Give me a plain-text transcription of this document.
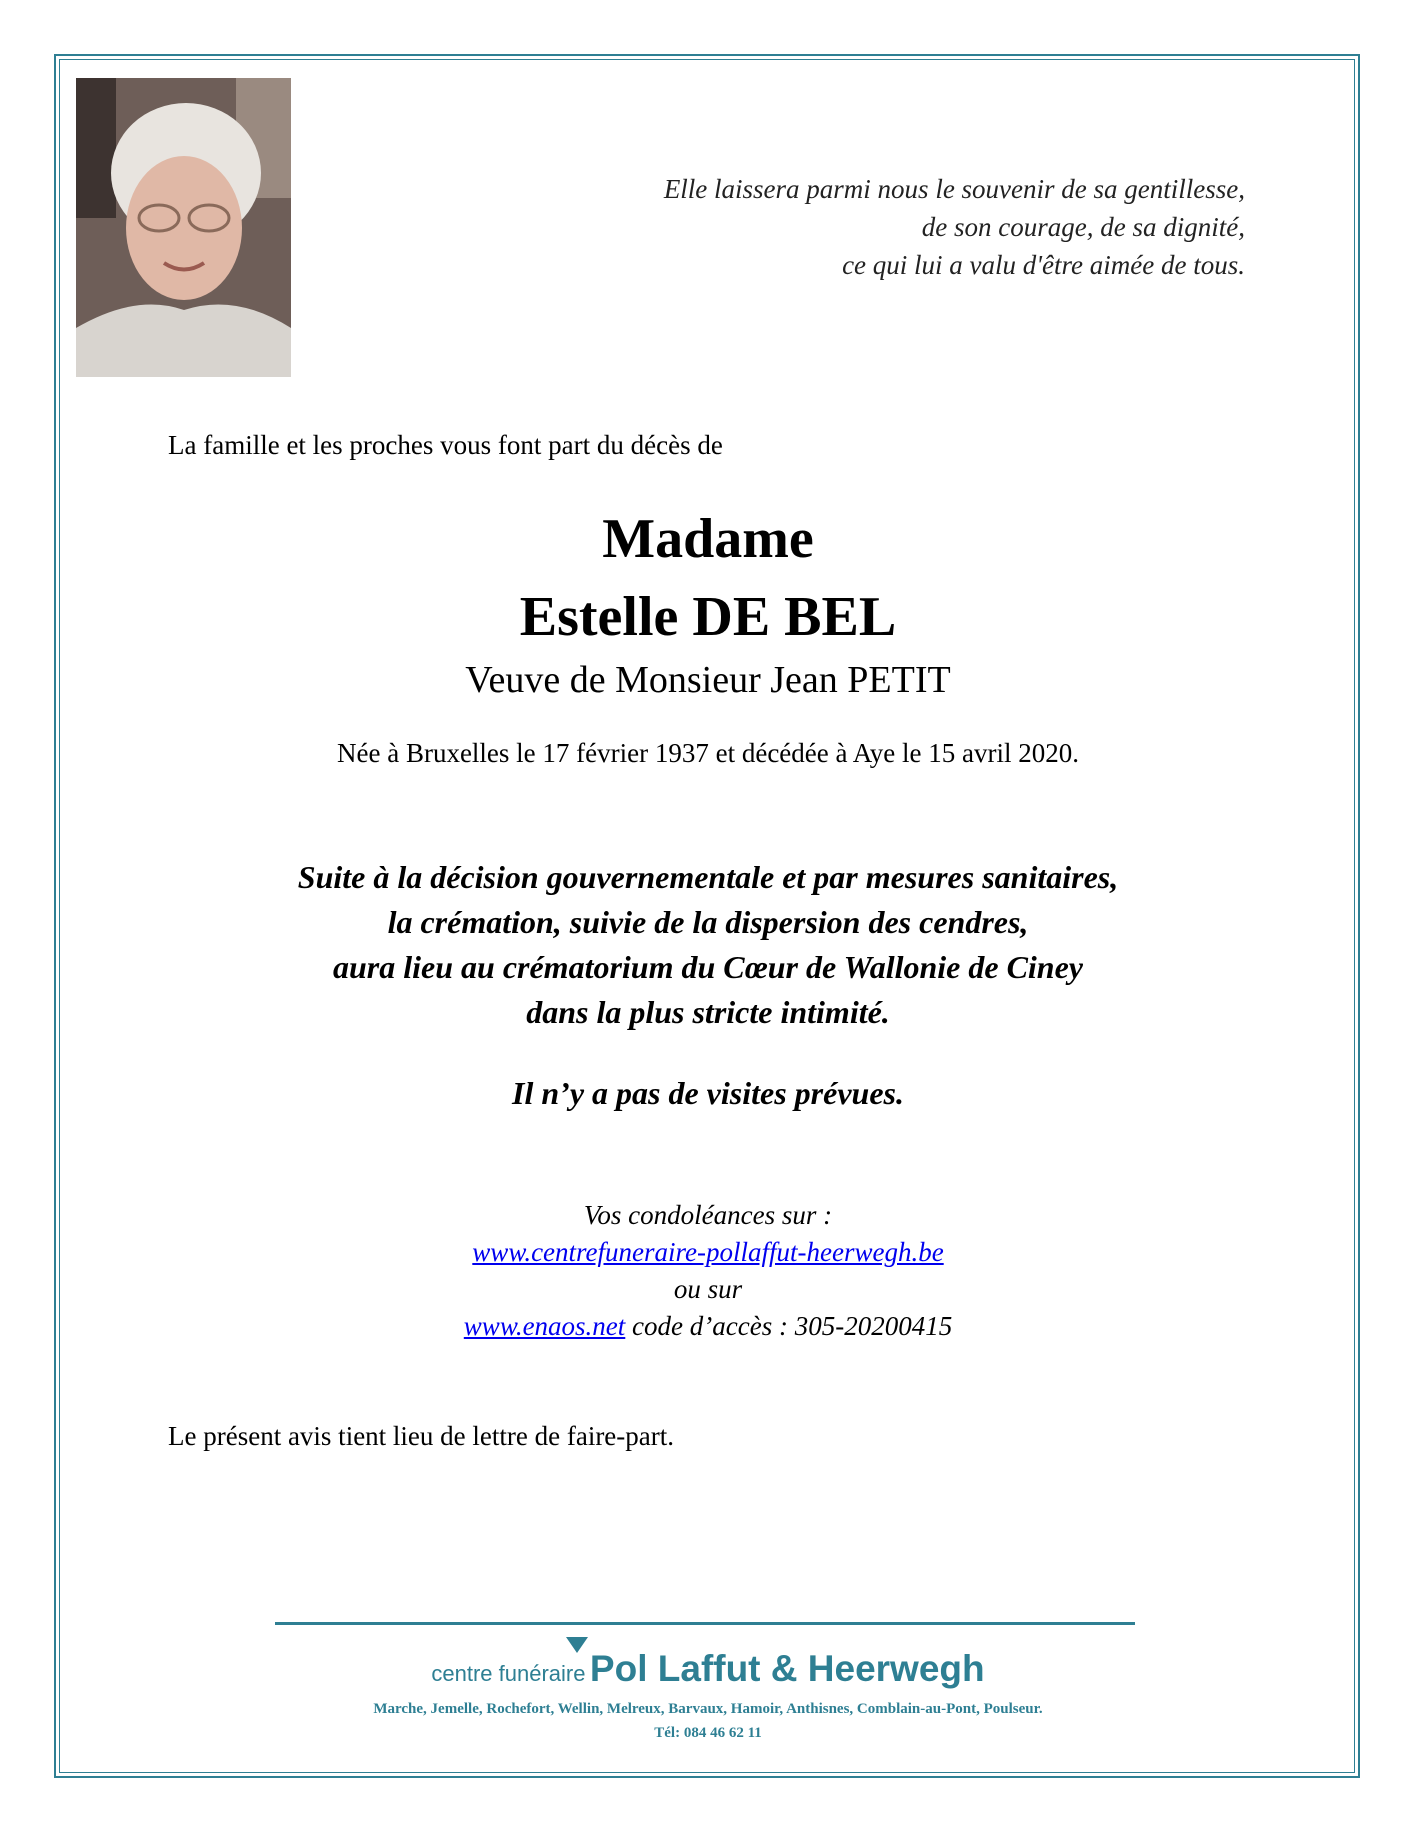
Elle laissera parmi nous le souvenir de sa gentillesse,
de son courage, de sa dignité,
ce qui lui a valu d'être aimée de tous.
La famille et les proches vous font part du décès de
Madame
Estelle DE BEL
Veuve de Monsieur Jean PETIT
Née à Bruxelles le 17 février 1937 et décédée à Aye le 15 avril 2020.
Suite à la décision gouvernementale et par mesures sanitaires,
la crémation, suivie de la dispersion des cendres,
aura lieu au crématorium du Cœur de Wallonie de Ciney
dans la plus stricte intimité.
Il n’y a pas de visites prévues.
Vos condoléances sur :
www.centrefuneraire-pollaffut-heerwegh.be
ou sur
www.enaos.net code d’accès : 305-20200415
Le présent avis tient lieu de lettre de faire-part.
centre funéraire Pol Laffut & Heerwegh
Marche, Jemelle, Rochefort, Wellin, Melreux, Barvaux, Hamoir, Anthisnes, Comblain-au-Pont, Poulseur.
Tél: 084 46 62 11
